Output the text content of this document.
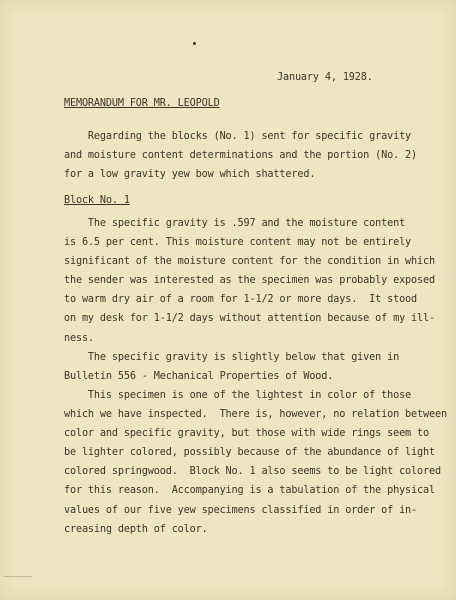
January 4, 1928.
MEMORANDUM FOR MR. LEOPOLD
Regarding the blocks (No. 1) sent for specific gravity
and moisture content determinations and the portion (No. 2)
for a low gravity yew bow which shattered.
Block No. 1
The specific gravity is .597 and the moisture content
is 6.5 per cent. This moisture content may not be entirely
significant of the moisture content for the condition in which
the sender was interested as the specimen was probably exposed
to warm dry air of a room for 1-1/2 or more days.  It stood
on my desk for 1-1/2 days without attention because of my ill-
ness.
The specific gravity is slightly below that given in
Bulletin 556 - Mechanical Properties of Wood.
This specimen is one of the lightest in color of those
which we have inspected.  There is, however, no relation between
color and specific gravity, but those with wide rings seem to
be lighter colored, possibly because of the abundance of light
colored springwood.  Block No. 1 also seems to be light colored
for this reason.  Accompanying is a tabulation of the physical
values of our five yew specimens classified in order of in-
creasing depth of color.
